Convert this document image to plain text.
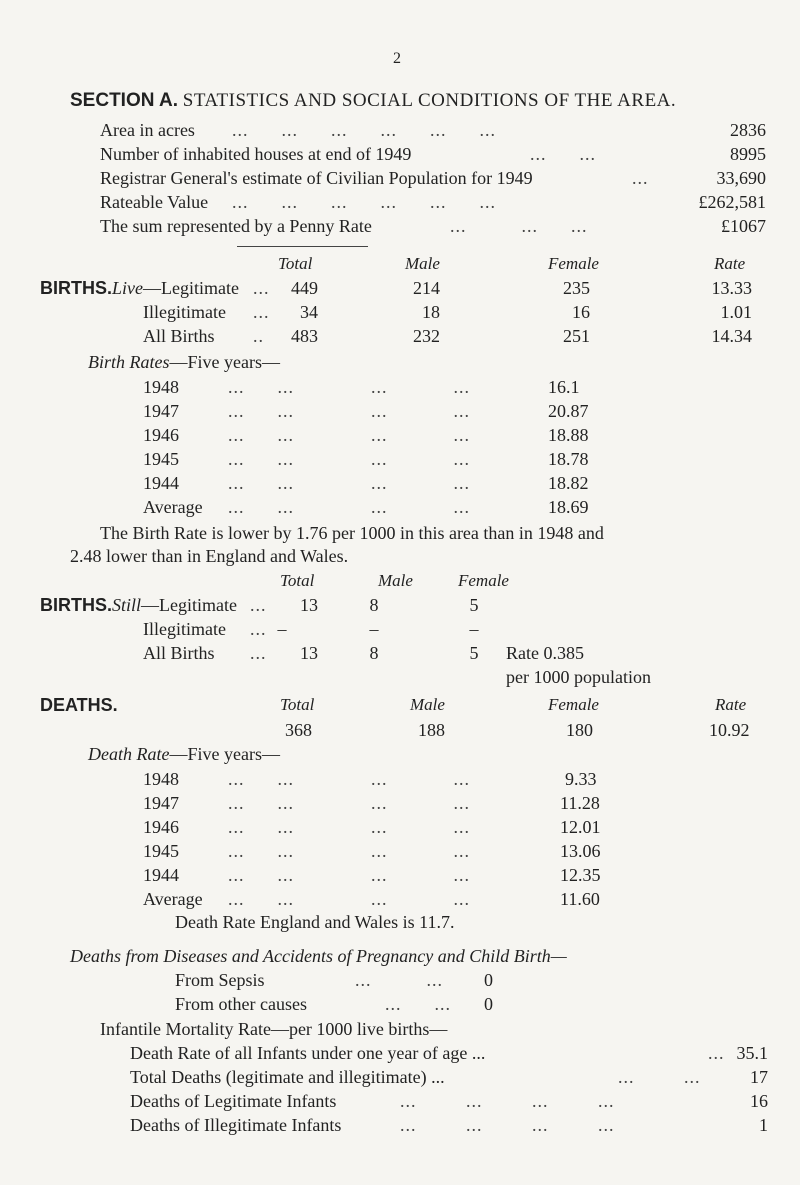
2
SECTION A. STATISTICS AND SOCIAL CONDITIONS OF THE AREA.
Area in acres ...      ...      ...      ...      ...      ...	2836
Number of inhabited houses at end of 1949	...      ...	8995
Registrar General's estimate of Civilian Population for 1949	...	33,690
Rateable Value ...      ...      ...      ...      ...      ...	£262,581
The sum represented by a Penny Rate	...          ...      ...	£1067
Total	Male	Female	Rate
BIRTHS.Live—Legitimate ...	449	214	235	13.33
Illegitimate ...	34	18	16	1.01
All Births ..	483	232	251	14.34
Birth Rates—Five years—
1948	...      ...              ...            ...	16.1
1947	...      ...              ...            ...	20.87
1946	...      ...              ...            ...	18.88
1945	...      ...              ...            ...	18.78
1944	...      ...              ...            ...	18.82
Average ...      ...              ...            ...	18.69
The Birth Rate is lower by 1.76 per 1000 in this area than in 1948 and
2.48 lower than in England and Wales.
Total	Male	Female
BIRTHS.Still—Legitimate ...	13	8	5
Illegitimate ... –	–	–
All Births ...	13	8	5	Rate 0.385
per 1000 population
DEATHS.	Total	Male	Female	Rate
368	188	180	10.92
Death Rate—Five years—
1948	...      ...              ...            ...	9.33
1947	...      ...              ...            ...	11.28
1946	...      ...              ...            ...	12.01
1945	...      ...              ...            ...	13.06
1944	...      ...              ...            ...	12.35
Average ...      ...              ...            ...	11.60
Death Rate England and Wales is 11.7.
Deaths from Diseases and Accidents of Pregnancy and Child Birth—
From Sepsis	...          ... 0
From other causes	...      ... 0
Infantile Mortality Rate—per 1000 live births—
Death Rate of all Infants under one year of age ...	... 35.1
Total Deaths (legitimate and illegitimate) ...	...         ...	17
Deaths of Legitimate Infants	...         ...         ...         ...	16
Deaths of Illegitimate Infants	...         ...         ...         ...	1
